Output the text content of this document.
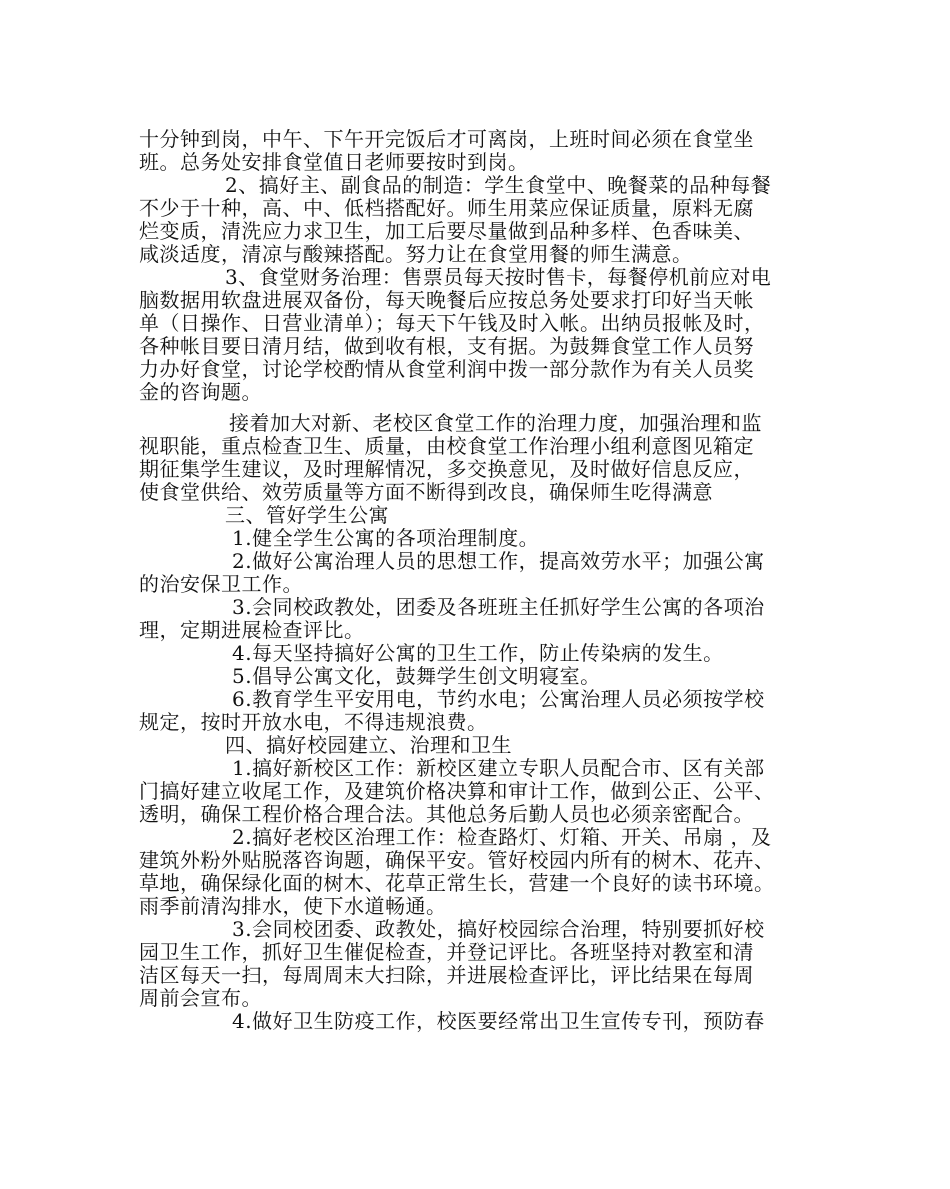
十分钟到岗，中午、下午开完饭后才可离岗，上班时间必须在食堂坐
班。总务处安排食堂值日老师要按时到岗。
2、搞好主、副食品的制造：学生食堂中、晚餐菜的品种每餐
不少于十种，高、中、低档搭配好。师生用菜应保证质量，原料无腐
烂变质，清洗应力求卫生，加工后要尽量做到品种多样、色香味美、
咸淡适度，清凉与酸辣搭配。努力让在食堂用餐的师生满意。
3、食堂财务治理：售票员每天按时售卡，每餐停机前应对电
脑数据用软盘进展双备份，每天晚餐后应按总务处要求打印好当天帐
单（日操作、日营业清单）；每天下午钱及时入帐。出纳员报帐及时，
各种帐目要日清月结，做到收有根，支有据。为鼓舞食堂工作人员努
力办好食堂，讨论学校酌情从食堂利润中拨一部分款作为有关人员奖
金的咨询题。
接着加大对新、老校区食堂工作的治理力度，加强治理和监
视职能，重点检查卫生、质量，由校食堂工作治理小组利意图见箱定
期征集学生建议，及时理解情况，多交换意见，及时做好信息反应，
使食堂供给、效劳质量等方面不断得到改良，确保师生吃得满意
三、管好学生公寓
1.健全学生公寓的各项治理制度。
2.做好公寓治理人员的思想工作，提高效劳水平；加强公寓
的治安保卫工作。
3.会同校政教处，团委及各班班主任抓好学生公寓的各项治
理，定期进展检查评比。
4.每天坚持搞好公寓的卫生工作，防止传染病的发生。
5.倡导公寓文化，鼓舞学生创文明寝室。
6.教育学生平安用电，节约水电；公寓治理人员必须按学校
规定，按时开放水电，不得违规浪费。
四、搞好校园建立、治理和卫生
1.搞好新校区工作：新校区建立专职人员配合市、区有关部
门搞好建立收尾工作，及建筑价格决算和审计工作，做到公正、公平、
透明，确保工程价格合理合法。其他总务后勤人员也必须亲密配合。
2.搞好老校区治理工作：检查路灯、灯箱、开关、吊扇 ，及
建筑外粉外贴脱落咨询题，确保平安。管好校园内所有的树木、花卉、
草地，确保绿化面的树木、花草正常生长，营建一个良好的读书环境。
雨季前清沟排水，使下水道畅通。
3.会同校团委、政教处，搞好校园综合治理，特别要抓好校
园卫生工作，抓好卫生催促检查，并登记评比。各班坚持对教室和清
洁区每天一扫，每周周末大扫除，并进展检查评比，评比结果在每周
周前会宣布。
4.做好卫生防疫工作，校医要经常出卫生宣传专刊，预防春
